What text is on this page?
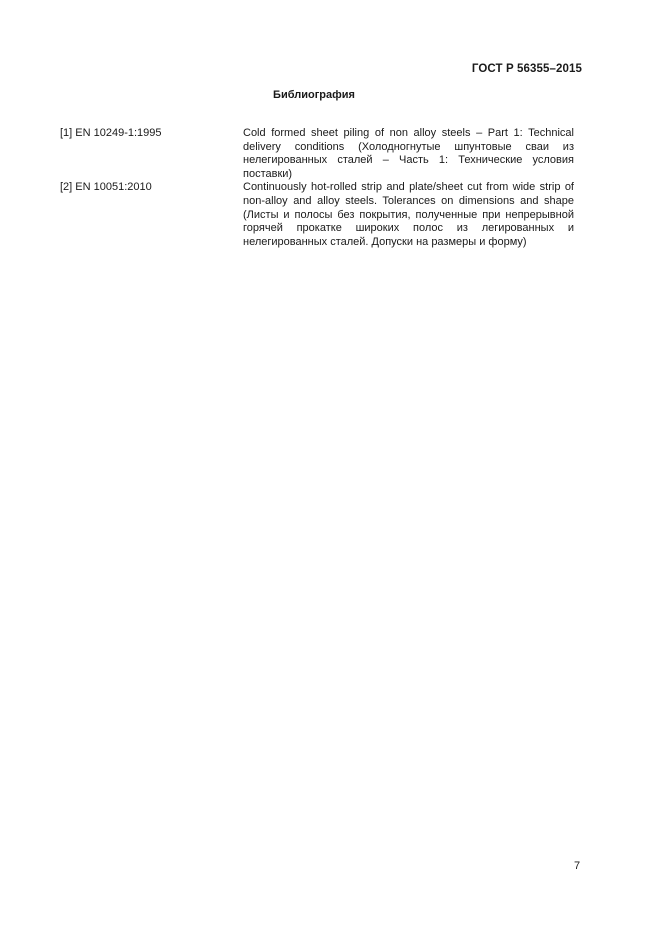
ГОСТ Р 56355–2015
Библиография
[1] EN 10249-1:1995	Cold formed sheet piling of non alloy steels – Part 1: Technical delivery conditions (Холодногнутые шпунтовые сваи из нелегированных сталей – Часть 1: Технические условия поставки)
[2] EN 10051:2010	Continuously hot-rolled strip and plate/sheet cut from wide strip of non-alloy and alloy steels. Tolerances on dimensions and shape (Листы и полосы без покрытия, полученные при непрерывной горячей прокатке широких полос из легированных и нелегированных сталей. Допуски на размеры и форму)
7
